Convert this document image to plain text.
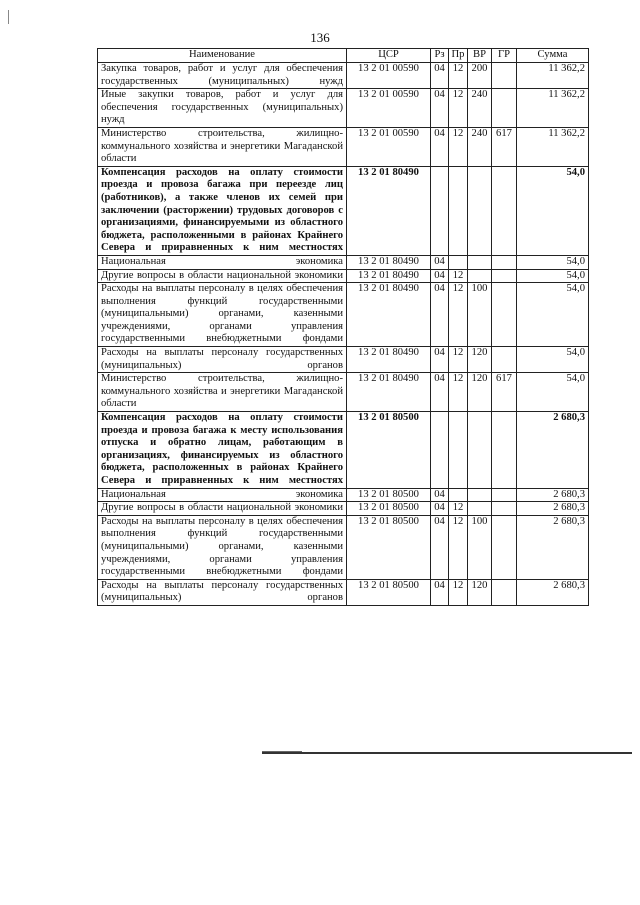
136
Наименование	ЦСР	Рз	Пр	ВР	ГР	Сумма
Закупка товаров, работ и услуг для обеспечения государственных (муниципальных) нужд	13 2 01 00590	04	12	200		11 362,2
Иные закупки товаров, работ и услуг для обеспечения государственных (муниципальных) нужд	13 2 01 00590	04	12	240		11 362,2
Министерство строительства, жилищно-коммунального хозяйства и энергетики Магаданской области	13 2 01 00590	04	12	240	617	11 362,2
Компенсация расходов на оплату стоимости проезда и провоза багажа при переезде лиц (работников), а также членов их семей при заключении (расторжении) трудовых договоров с организациями, финансируемыми из областного бюджета, расположенными в районах Крайнего Севера и приравненных к ним местностях	13 2 01 80490					54,0
Национальная экономика	13 2 01 80490	04				54,0
Другие вопросы в области национальной экономики	13 2 01 80490	04	12			54,0
Расходы на выплаты персоналу в целях обеспечения выполнения функций государственными (муниципальными) органами, казенными учреждениями, органами управления государственными внебюджетными фондами	13 2 01 80490	04	12	100		54,0
Расходы на выплаты персоналу государственных (муниципальных) органов	13 2 01 80490	04	12	120		54,0
Министерство строительства, жилищно-коммунального хозяйства и энергетики Магаданской области	13 2 01 80490	04	12	120	617	54,0
Компенсация расходов на оплату стоимости проезда и провоза багажа к месту использования отпуска и обратно лицам, работающим в организациях, финансируемых из областного бюджета, расположенных в районах Крайнего Севера и приравненных к ним местностях	13 2 01 80500					2 680,3
Национальная экономика	13 2 01 80500	04				2 680,3
Другие вопросы в области национальной экономики	13 2 01 80500	04	12			2 680,3
Расходы на выплаты персоналу в целях обеспечения выполнения функций государственными (муниципальными) органами, казенными учреждениями, органами управления государственными внебюджетными фондами	13 2 01 80500	04	12	100		2 680,3
Расходы на выплаты персоналу государственных (муниципальных) органов	13 2 01 80500	04	12	120		2 680,3
